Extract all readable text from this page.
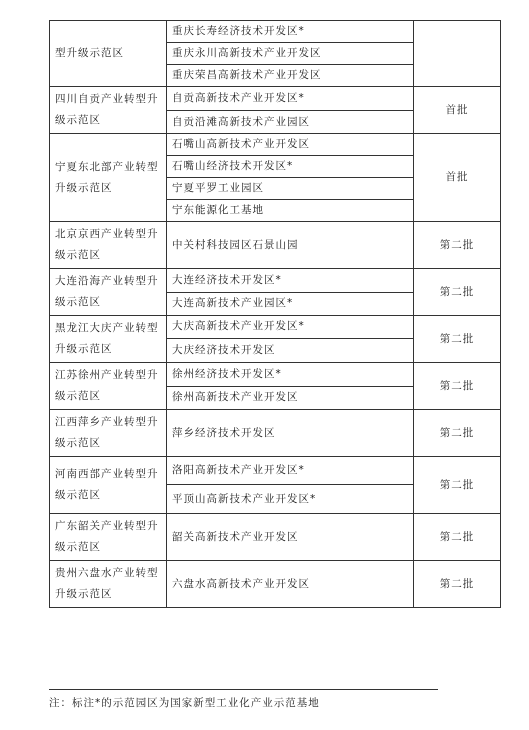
型升级示范区	重庆长寿经济技术开发区*	
	重庆永川高新技术产业开发区	
	重庆荣昌高新技术产业开发区	
四川自贡产业转型升级示范区	自贡高新技术产业开发区*	首批
	自贡沿滩高新技术产业园区	
宁夏东北部产业转型升级示范区	石嘴山高新技术产业开发区	首批
	石嘴山经济技术开发区*	
	宁夏平罗工业园区	
	宁东能源化工基地	
北京京西产业转型升级示范区	中关村科技园区石景山园	第二批
大连沿海产业转型升级示范区	大连经济技术开发区*	第二批
	大连高新技术产业园区*	
黑龙江大庆产业转型升级示范区	大庆高新技术产业开发区*	第二批
	大庆经济技术开发区	
江苏徐州产业转型升级示范区	徐州经济技术开发区*	第二批
	徐州高新技术产业开发区	
江西萍乡产业转型升级示范区	萍乡经济技术开发区	第二批
河南西部产业转型升级示范区	洛阳高新技术产业开发区*	第二批
	平顶山高新技术产业开发区*	
广东韶关产业转型升级示范区	韶关高新技术产业开发区	第二批
贵州六盘水产业转型升级示范区	六盘水高新技术产业开发区	第二批
注：标注*的示范园区为国家新型工业化产业示范基地
